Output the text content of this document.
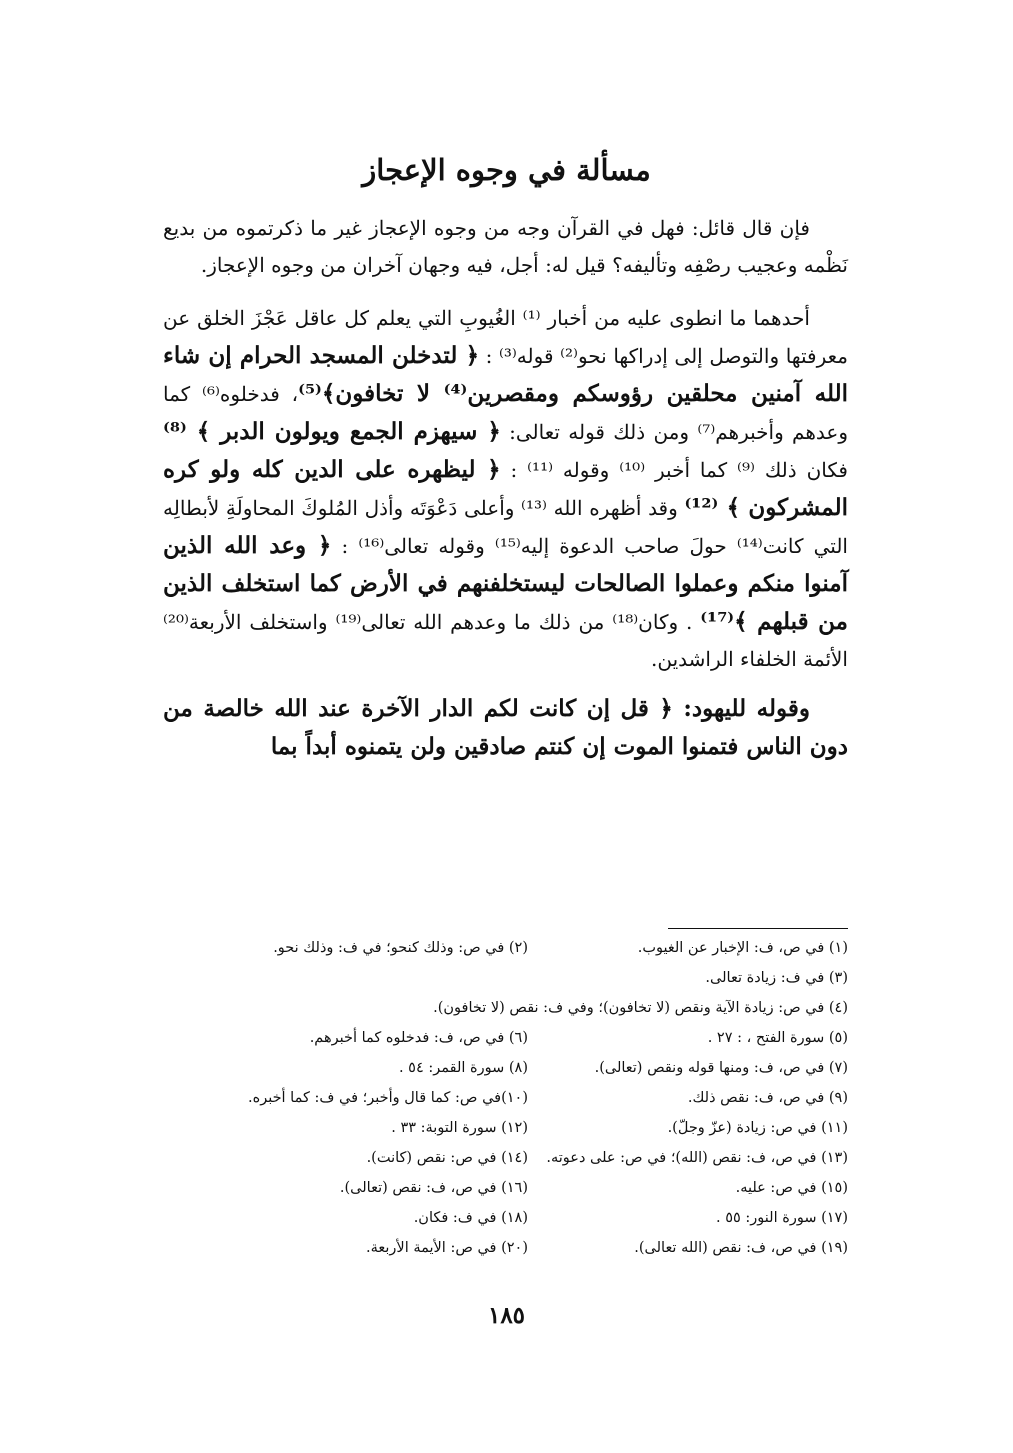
مسألة في وجوه الإعجاز

فإن قال قائل: فهل في القرآن وجه من وجوه الإعجاز غير ما ذكرتموه من بديع نَظْمه وعجيب رصْفِه وتأليفه؟ قيل له: أجل، فيه وجهان آخران من وجوه الإعجاز.

أحدهما ما انطوى عليه من أخبار ⁽¹⁾ الغُيوبِ التي يعلم كل عاقل عَجْزَ الخلق عن معرفتها والتوصل إلى إدراكها نحو⁽²⁾ قوله⁽³⁾ : ﴿ لتدخلن المسجد الحرام إن شاء الله آمنين محلقين رؤوسكم ومقصرين⁽⁴⁾ لا تخافون﴾⁽⁵⁾، فدخلوه⁽⁶⁾ كما وعدهم وأخبرهم⁽⁷⁾ ومن ذلك قوله تعالى: ﴿ سيهزم الجمع ويولون الدبر ﴾ ⁽⁸⁾ فكان ذلك ⁽⁹⁾ كما أخبر ⁽¹⁰⁾ وقوله ⁽¹¹⁾ : ﴿ ليظهره على الدين كله ولو كره المشركون ﴾ ⁽¹²⁾ وقد أظهره الله ⁽¹³⁾ وأعلى دَعْوَتَه وأذل المُلوكَ المحاولَةِ لأبطالِه التي كانت⁽¹⁴⁾ حولَ صاحب الدعوة إليه⁽¹⁵⁾ وقوله تعالى⁽¹⁶⁾ : ﴿ وعد الله الذين آمنوا منكم وعملوا الصالحات ليستخلفنهم في الأرض كما استخلف الذين من قبلهم ﴾⁽¹⁷⁾ . وكان⁽¹⁸⁾ من ذلك ما وعدهم الله تعالى⁽¹⁹⁾ واستخلف الأربعة⁽²⁰⁾ الأئمة الخلفاء الراشدين.

وقوله لليهود: ﴿ قل إن كانت لكم الدار الآخرة عند الله خالصة من دون الناس فتمنوا الموت إن كنتم صادقين ولن يتمنوه أبداً بما

(١) في ص، ف: الإخبار عن الغيوب.
(٢) في ص: وذلك كنحو؛ في ف: وذلك نحو.
(٣) في ف: زيادة تعالى.
(٤) في ص: زيادة الآية ونقص (لا تخافون)؛ وفي ف: نقص (لا تخافون).
(٥) سورة الفتح ، : ٢٧ .
(٦) في ص، ف: فدخلوه كما أخبرهم.
(٧) في ص، ف: ومنها قوله ونقص (تعالى).
(٨) سورة القمر: ٥٤ .
(٩) في ص، ف: نقص ذلك.
(١٠)في ص: كما قال وأخبر؛ في ف: كما أخبره.
(١١) في ص: زيادة (عزّ وجلّ).
(١٢) سورة التوبة: ٣٣ .
(١٣) في ص، ف: نقص (الله)؛ في ص: على دعوته.
(١٤) في ص: نقص (كانت).
(١٥) في ص: عليه.
(١٦) في ص، ف: نقص (تعالى).
(١٧) سورة النور: ٥٥ .
(١٨) في ف: فكان.
(١٩) في ص، ف: نقص (الله تعالى).
(٢٠) في ص: الأيمة الأربعة.

١٨٥
